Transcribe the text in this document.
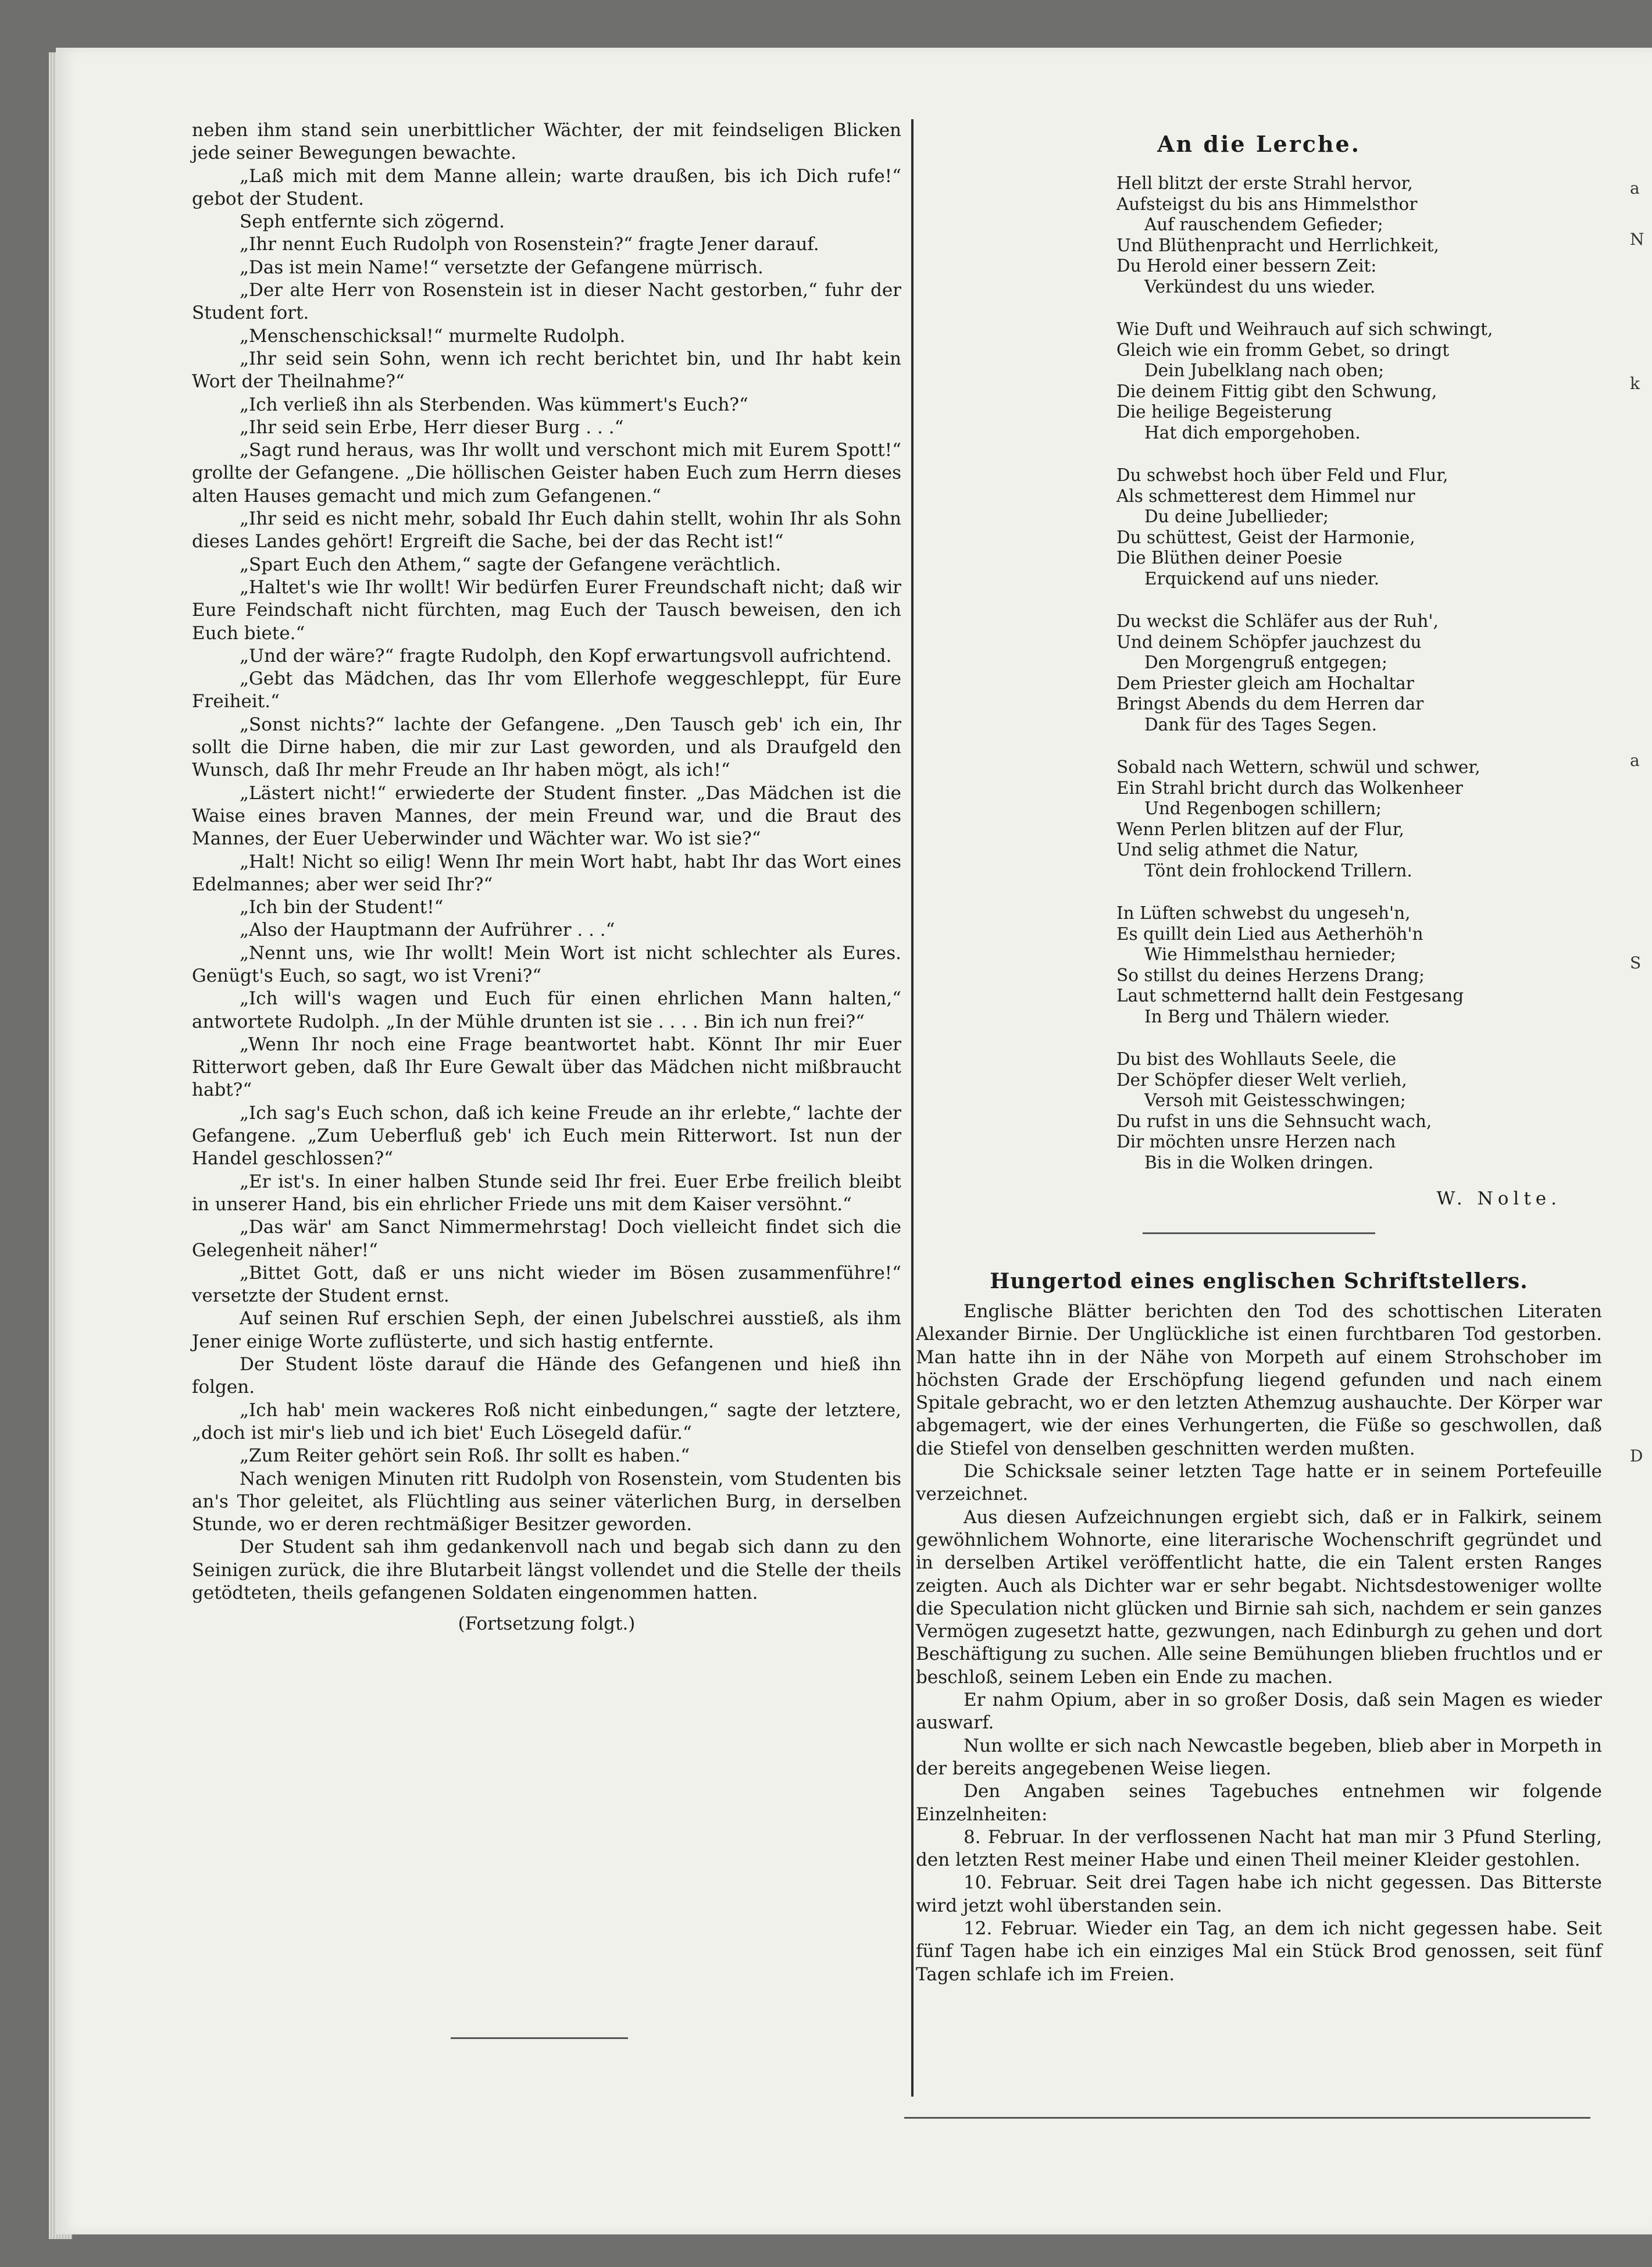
neben ihm stand sein unerbittlicher Wächter, der mit feindseligen Blicken jede seiner Bewegungen bewachte.

„Laß mich mit dem Manne allein; warte draußen, bis ich Dich rufe!“ gebot der Student.

Seph entfernte sich zögernd.

„Ihr nennt Euch Rudolph von Rosenstein?“ fragte Jener darauf.

„Das ist mein Name!“ versetzte der Gefangene mürrisch.

„Der alte Herr von Rosenstein ist in dieser Nacht gestorben,“ fuhr der Student fort.

„Menschenschicksal!“ murmelte Rudolph.

„Ihr seid sein Sohn, wenn ich recht berichtet bin, und Ihr habt kein Wort der Theilnahme?“

„Ich verließ ihn als Sterbenden. Was kümmert's Euch?“

„Ihr seid sein Erbe, Herr dieser Burg . . .“

„Sagt rund heraus, was Ihr wollt und verschont mich mit Eurem Spott!“ grollte der Gefangene. „Die höllischen Geister haben Euch zum Herrn dieses alten Hauses gemacht und mich zum Gefangenen.“

„Ihr seid es nicht mehr, sobald Ihr Euch dahin stellt, wohin Ihr als Sohn dieses Landes gehört! Ergreift die Sache, bei der das Recht ist!“

„Spart Euch den Athem,“ sagte der Gefangene verächtlich.

„Haltet's wie Ihr wollt! Wir bedürfen Eurer Freundschaft nicht; daß wir Eure Feindschaft nicht fürchten, mag Euch der Tausch beweisen, den ich Euch biete.“

„Und der wäre?“ fragte Rudolph, den Kopf erwartungsvoll aufrichtend.

„Gebt das Mädchen, das Ihr vom Ellerhofe weggeschleppt, für Eure Freiheit.“

„Sonst nichts?“ lachte der Gefangene. „Den Tausch geb' ich ein, Ihr sollt die Dirne haben, die mir zur Last geworden, und als Draufgeld den Wunsch, daß Ihr mehr Freude an Ihr haben mögt, als ich!“

„Lästert nicht!“ erwiederte der Student finster. „Das Mädchen ist die Waise eines braven Mannes, der mein Freund war, und die Braut des Mannes, der Euer Ueberwinder und Wächter war. Wo ist sie?“

„Halt! Nicht so eilig! Wenn Ihr mein Wort habt, habt Ihr das Wort eines Edelmannes; aber wer seid Ihr?“

„Ich bin der Student!“

„Also der Hauptmann der Aufrührer . . .“

„Nennt uns, wie Ihr wollt! Mein Wort ist nicht schlechter als Eures. Genügt's Euch, so sagt, wo ist Vreni?“

„Ich will's wagen und Euch für einen ehrlichen Mann halten,“ antwortete Rudolph. „In der Mühle drunten ist sie . . . . Bin ich nun frei?“

„Wenn Ihr noch eine Frage beantwortet habt. Könnt Ihr mir Euer Ritterwort geben, daß Ihr Eure Gewalt über das Mädchen nicht mißbraucht habt?“

„Ich sag's Euch schon, daß ich keine Freude an ihr erlebte,“ lachte der Gefangene. „Zum Ueberfluß geb' ich Euch mein Ritterwort. Ist nun der Handel geschlossen?“

„Er ist's. In einer halben Stunde seid Ihr frei. Euer Erbe freilich bleibt in unserer Hand, bis ein ehrlicher Friede uns mit dem Kaiser versöhnt.“

„Das wär' am Sanct Nimmermehrstag! Doch vielleicht findet sich die Gelegenheit näher!“

„Bittet Gott, daß er uns nicht wieder im Bösen zusammenführe!“ versetzte der Student ernst.

Auf seinen Ruf erschien Seph, der einen Jubelschrei ausstieß, als ihm Jener einige Worte zuflüsterte, und sich hastig entfernte.

Der Student löste darauf die Hände des Gefangenen und hieß ihn folgen.

„Ich hab' mein wackeres Roß nicht einbedungen,“ sagte der letztere, „doch ist mir's lieb und ich biet' Euch Lösegeld dafür.“

„Zum Reiter gehört sein Roß. Ihr sollt es haben.“

Nach wenigen Minuten ritt Rudolph von Rosenstein, vom Studenten bis an's Thor geleitet, als Flüchtling aus seiner väterlichen Burg, in derselben Stunde, wo er deren rechtmäßiger Besitzer geworden.

Der Student sah ihm gedankenvoll nach und begab sich dann zu den Seinigen zurück, die ihre Blutarbeit längst vollendet und die Stelle der theils getödteten, theils gefangenen Soldaten eingenommen hatten.

(Fortsetzung folgt.)

An die Lerche.
Hell blitzt der erste Strahl hervor,
Aufsteigst du bis ans Himmelsthor
Auf rauschendem Gefieder;
Und Blüthenpracht und Herrlichkeit,
Du Herold einer bessern Zeit:
Verkündest du uns wieder.
Wie Duft und Weihrauch auf sich schwingt,
Gleich wie ein fromm Gebet, so dringt
Dein Jubelklang nach oben;
Die deinem Fittig gibt den Schwung,
Die heilige Begeisterung
Hat dich emporgehoben.
Du schwebst hoch über Feld und Flur,
Als schmetterest dem Himmel nur
Du deine Jubellieder;
Du schüttest, Geist der Harmonie,
Die Blüthen deiner Poesie
Erquickend auf uns nieder.
Du weckst die Schläfer aus der Ruh',
Und deinem Schöpfer jauchzest du
Den Morgengruß entgegen;
Dem Priester gleich am Hochaltar
Bringst Abends du dem Herren dar
Dank für des Tages Segen.
Sobald nach Wettern, schwül und schwer,
Ein Strahl bricht durch das Wolkenheer
Und Regenbogen schillern;
Wenn Perlen blitzen auf der Flur,
Und selig athmet die Natur,
Tönt dein frohlockend Trillern.
In Lüften schwebst du ungeseh'n,
Es quillt dein Lied aus Aetherhöh'n
Wie Himmelsthau hernieder;
So stillst du deines Herzens Drang;
Laut schmetternd hallt dein Festgesang
In Berg und Thälern wieder.
Du bist des Wohllauts Seele, die
Der Schöpfer dieser Welt verlieh,
Versoh mit Geistesschwingen;
Du rufst in uns die Sehnsucht wach,
Dir möchten unsre Herzen nach
Bis in die Wolken dringen.
W. Nolte.
Hungertod eines englischen Schriftstellers.

Englische Blätter berichten den Tod des schottischen Literaten Alexander Birnie. Der Unglückliche ist einen furchtbaren Tod gestorben. Man hatte ihn in der Nähe von Morpeth auf einem Strohschober im höchsten Grade der Erschöpfung liegend gefunden und nach einem Spitale gebracht, wo er den letzten Athemzug aushauchte. Der Körper war abgemagert, wie der eines Verhungerten, die Füße so geschwollen, daß die Stiefel von denselben geschnitten werden mußten.

Die Schicksale seiner letzten Tage hatte er in seinem Portefeuille verzeichnet.

Aus diesen Aufzeichnungen ergiebt sich, daß er in Falkirk, seinem gewöhnlichem Wohnorte, eine literarische Wochenschrift gegründet und in derselben Artikel veröffentlicht hatte, die ein Talent ersten Ranges zeigten. Auch als Dichter war er sehr begabt. Nichtsdestoweniger wollte die Speculation nicht glücken und Birnie sah sich, nachdem er sein ganzes Vermögen zugesetzt hatte, gezwungen, nach Edinburgh zu gehen und dort Beschäftigung zu suchen. Alle seine Bemühungen blieben fruchtlos und er beschloß, seinem Leben ein Ende zu machen.

Er nahm Opium, aber in so großer Dosis, daß sein Magen es wieder auswarf.

Nun wollte er sich nach Newcastle begeben, blieb aber in Morpeth in der bereits angegebenen Weise liegen.

Den Angaben seines Tagebuches entnehmen wir folgende Einzelnheiten:

8. Februar. In der verflossenen Nacht hat man mir 3 Pfund Sterling, den letzten Rest meiner Habe und einen Theil meiner Kleider gestohlen.

10. Februar. Seit drei Tagen habe ich nicht gegessen. Das Bitterste wird jetzt wohl überstanden sein.

12. Februar. Wieder ein Tag, an dem ich nicht gegessen habe. Seit fünf Tagen habe ich ein einziges Mal ein Stück Brod genossen, seit fünf Tagen schlafe ich im Freien.

a
N
k
a
S
D
